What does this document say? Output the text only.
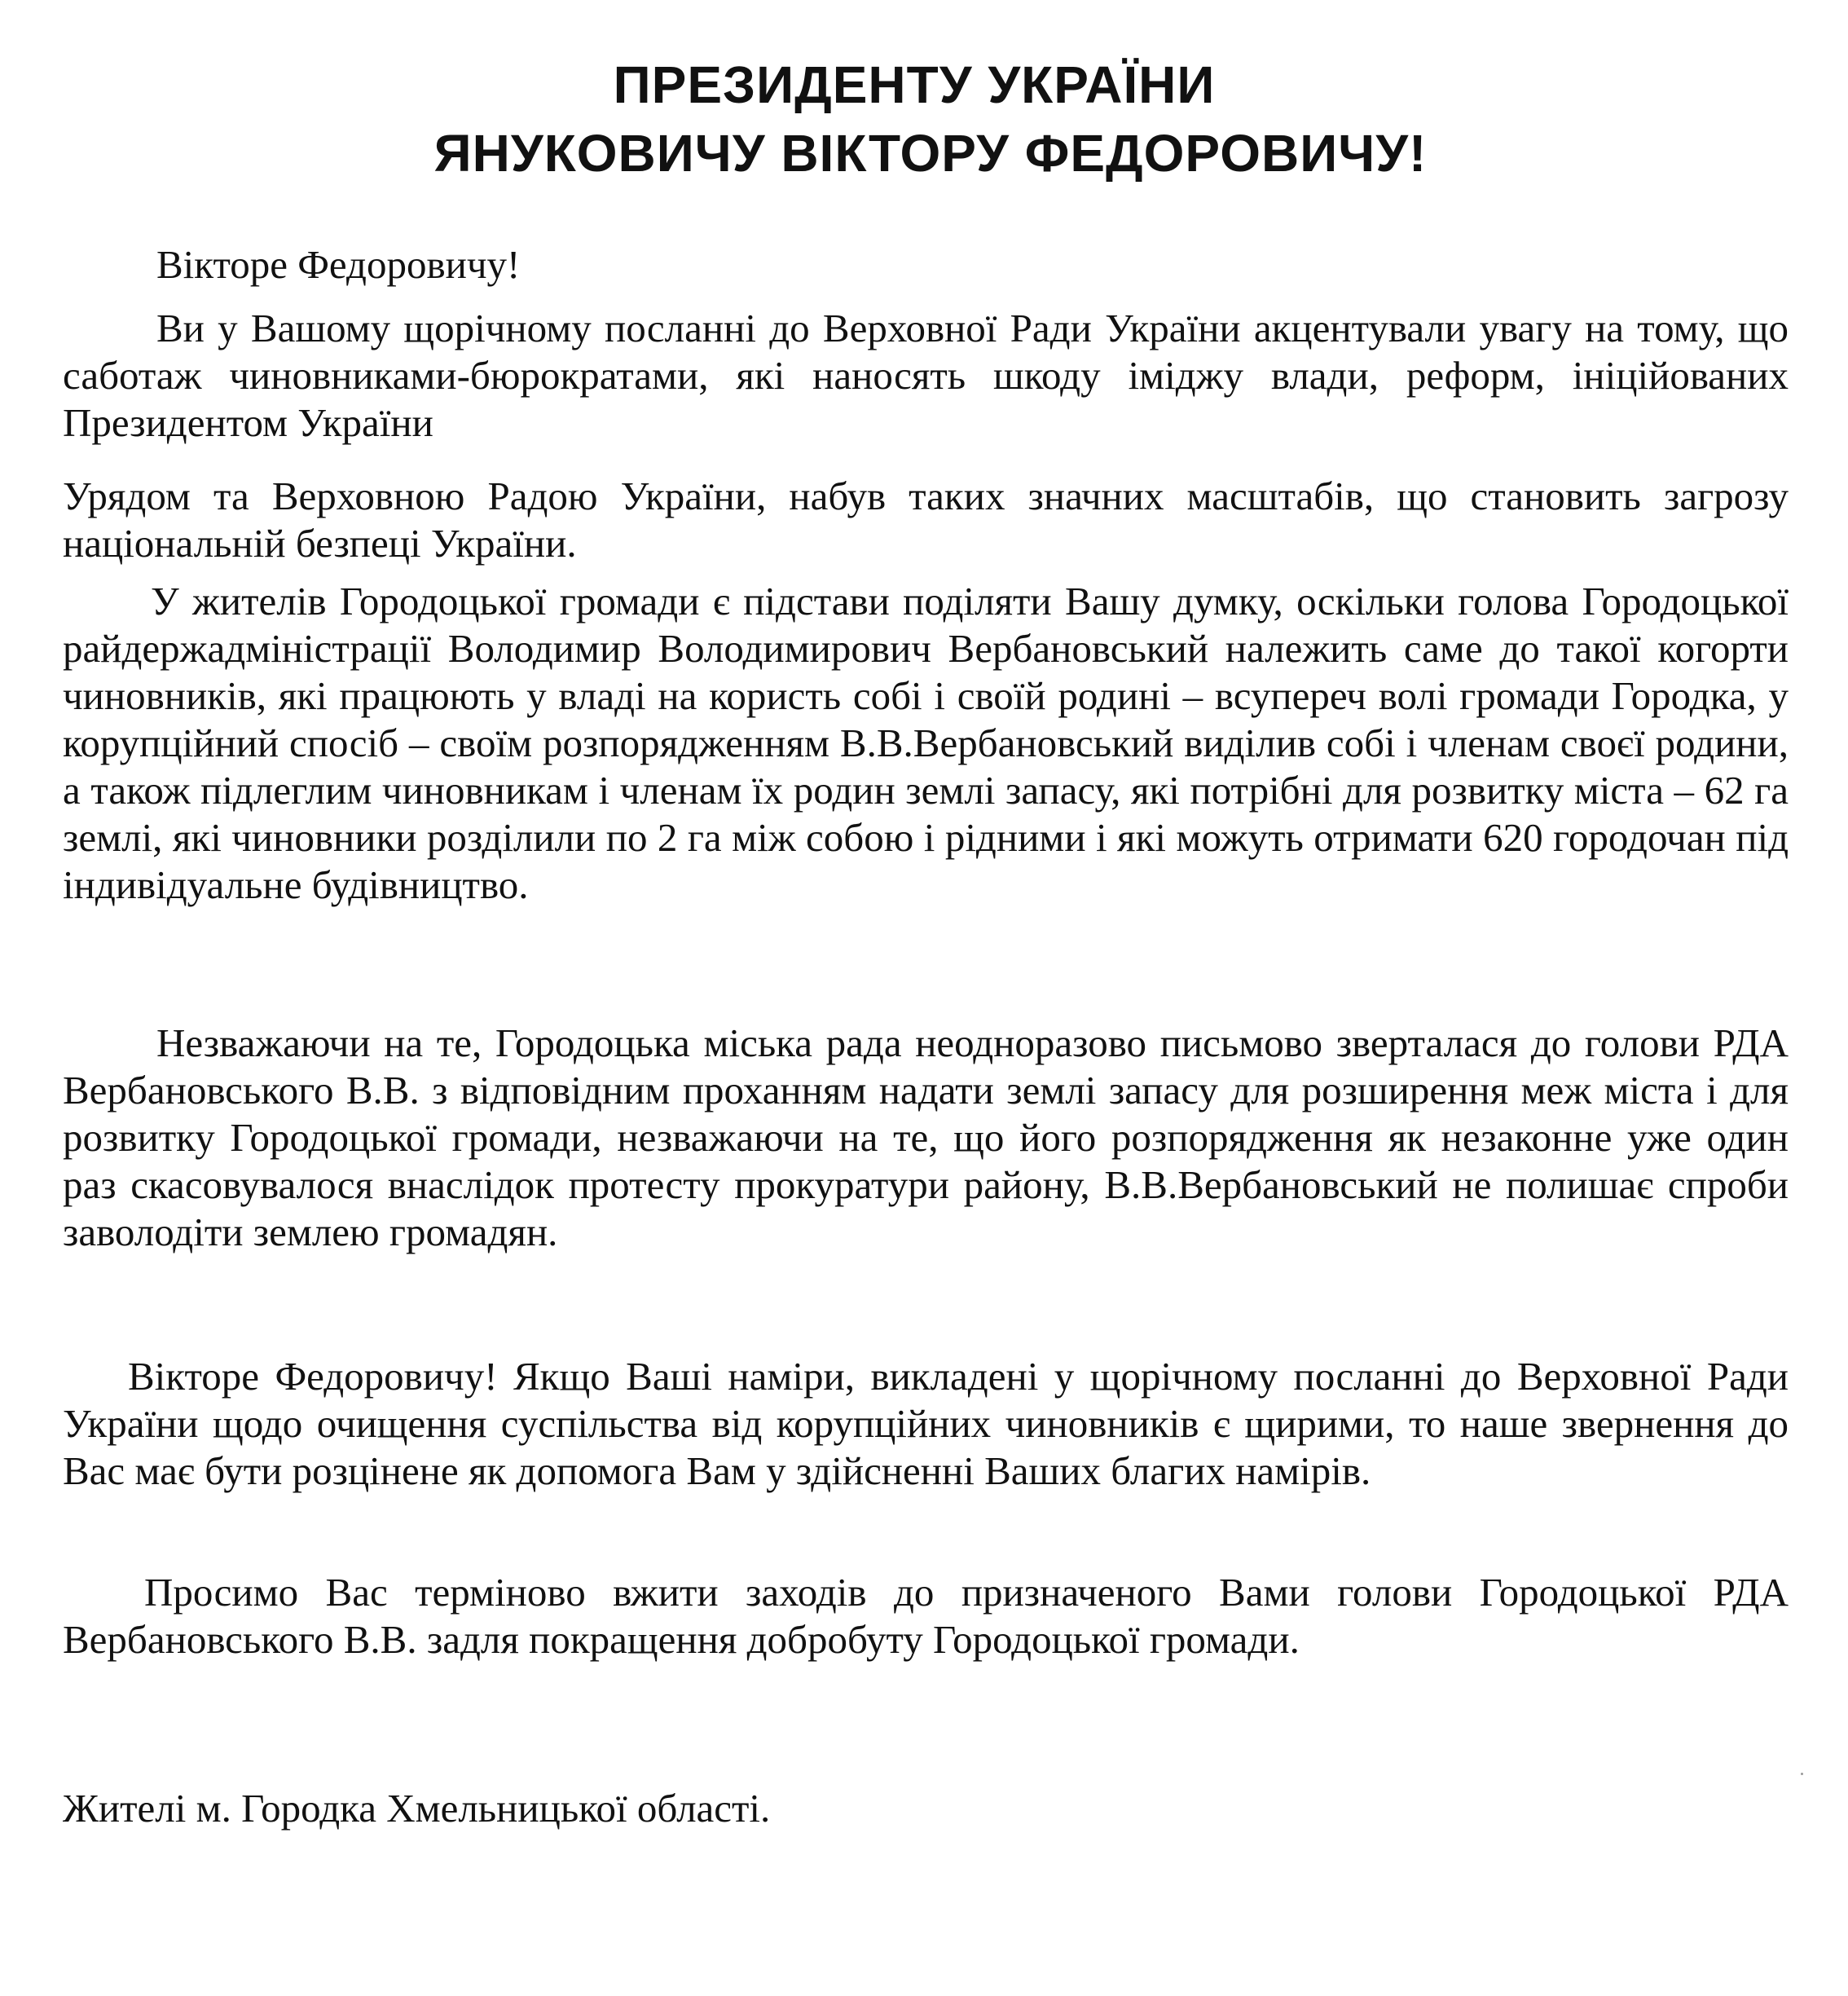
ПРЕЗИДЕНТУ УКРАЇНИ
ЯНУКОВИЧУ ВІКТОРУ ФЕДОРОВИЧУ!
Вікторе Федоровичу!
Ви у Вашому щорічному посланні до Верховної Ради України акцентували увагу на тому, що саботаж чиновниками-бюрократами, які наносять шкоду іміджу влади, реформ, ініційованих Президентом України
Урядом та Верховною Радою України, набув таких значних масштабів, що становить загрозу національній безпеці України.
У жителів Городоцької громади є підстави поділяти Вашу думку, оскільки голова Городоцької райдержадміністрації Володимир Володимирович Вербановський належить саме до такої когорти чиновників, які працюють у владі на користь собі і своїй родині – всупереч волі громади Городка, у корупційний спосіб – своїм розпорядженням В.В.Вербановський виділив собі і членам своєї родини, а також підлеглим чиновникам і членам їх родин землі запасу, які потрібні для розвитку міста – 62 га землі, які чиновники розділили по 2 га між собою і рідними і які можуть отримати 620 городочан під індивідуальне будівництво.
Незважаючи на те, Городоцька міська рада неодноразово письмово зверталася до голови РДА Вербановського В.В. з відповідним проханням надати землі запасу для розширення меж міста і для розвитку Городоцької громади, незважаючи на те, що його розпорядження як незаконне уже один раз скасовувалося внаслідок протесту прокуратури району, В.В.Вербановський не полишає спроби заволодіти землею громадян.
Вікторе Федоровичу! Якщо Ваші наміри, викладені у щорічному посланні до Верховної Ради України щодо очищення суспільства від корупційних чиновників є щирими, то наше звернення до Вас має бути розцінене як допомога Вам у здійсненні Ваших благих намірів.
Просимо Вас терміново вжити заходів до призначеного Вами голови Городоцької РДА Вербановського В.В. задля покращення добробуту Городоцької громади.
Жителі м. Городка Хмельницької області.
